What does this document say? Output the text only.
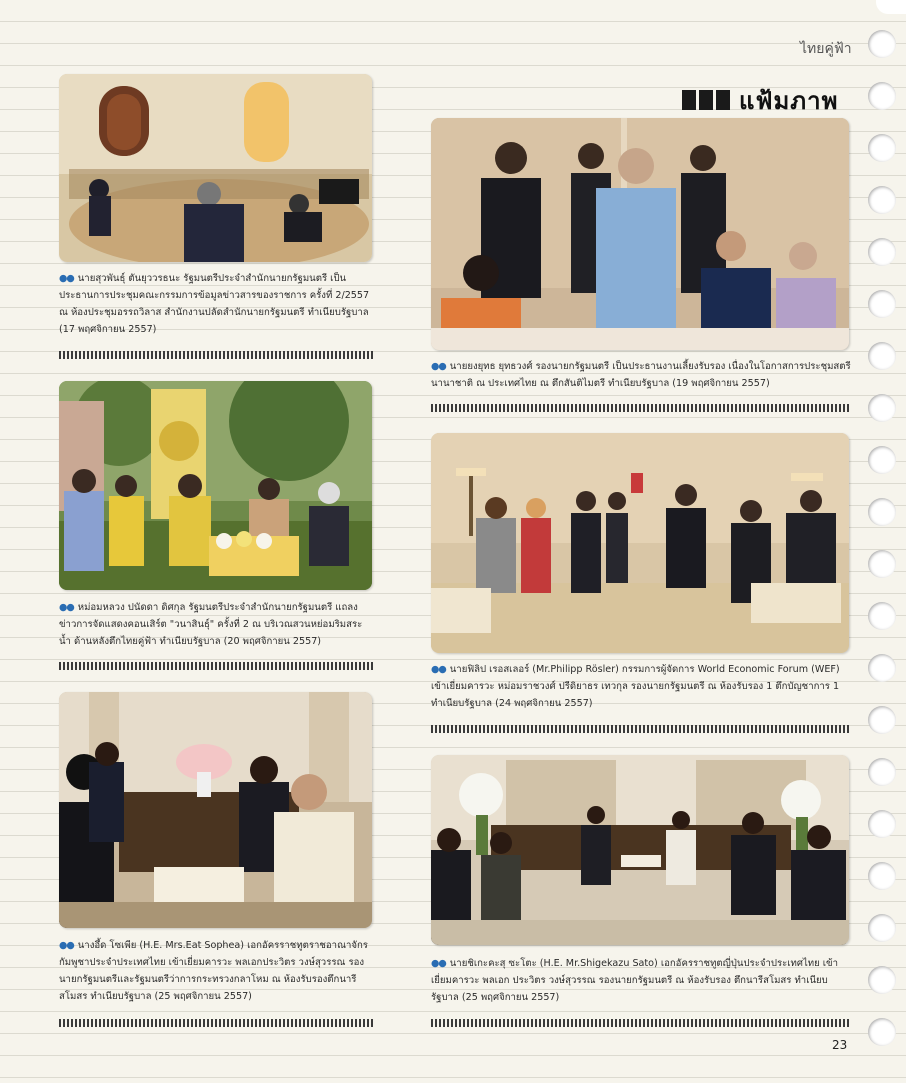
ไทยคู่ฟ้า
แฟ้มภาพ
●● นายสุวพันธุ์ ตันยุววรธนะ รัฐมนตรีประจำสำนักนายกรัฐมนตรี เป็นประธานการประชุมคณะกรรมการข้อมูลข่าวสารของราชการ ครั้งที่ 2/2557 ณ ห้องประชุมอรรถวิลาส สำนักงานปลัดสำนักนายกรัฐมนตรี ทำเนียบรัฐบาล (17 พฤศจิกายน 2557)
●● นายยงยุทธ ยุทธวงศ์ รองนายกรัฐมนตรี เป็นประธานงานเลี้ยงรับรอง เนื่องในโอกาสการประชุมสตรีนานาชาติ ณ ประเทศไทย ณ ตึกสันติไมตรี ทำเนียบรัฐบาล (19 พฤศจิกายน 2557)
●● หม่อมหลวง ปนัดดา ดิศกุล รัฐมนตรีประจำสำนักนายกรัฐมนตรี แถลงข่าวการจัดแสดงคอนเสิร์ต "วนาสินธุ์" ครั้งที่ 2 ณ บริเวณสวนหย่อมริมสระน้ำ ด้านหลังตึกไทยคู่ฟ้า ทำเนียบรัฐบาล (20 พฤศจิกายน 2557)
●● นายฟิลิป เรอสเลอร์ (Mr.Philipp Rösler) กรรมการผู้จัดการ World Economic Forum (WEF) เข้าเยี่ยมคารวะ หม่อมราชวงศ์ ปรีดิยาธร เทวกุล รองนายกรัฐมนตรี ณ ห้องรับรอง 1 ตึกบัญชาการ 1 ทำเนียบรัฐบาล (24 พฤศจิกายน 2557)
●● นางอึ้ด โซเพีย (H.E. Mrs.Eat Sophea) เอกอัครราชทูตราชอาณาจักรกัมพูชาประจำประเทศไทย เข้าเยี่ยมคารวะ พลเอกประวิตร วงษ์สุวรรณ รองนายกรัฐมนตรีและรัฐมนตรีว่าการกระทรวงกลาโหม ณ ห้องรับรองตึกนารีสโมสร ทำเนียบรัฐบาล (25 พฤศจิกายน 2557)
●● นายชิเกะคะสุ ซะโตะ (H.E. Mr.Shigekazu Sato) เอกอัครราชทูตญี่ปุ่นประจำประเทศไทย เข้าเยี่ยมคารวะ พลเอก ประวิตร วงษ์สุวรรณ รองนายกรัฐมนตรี ณ ห้องรับรอง ตึกนารีสโมสร ทำเนียบรัฐบาล (25 พฤศจิกายน 2557)
23
